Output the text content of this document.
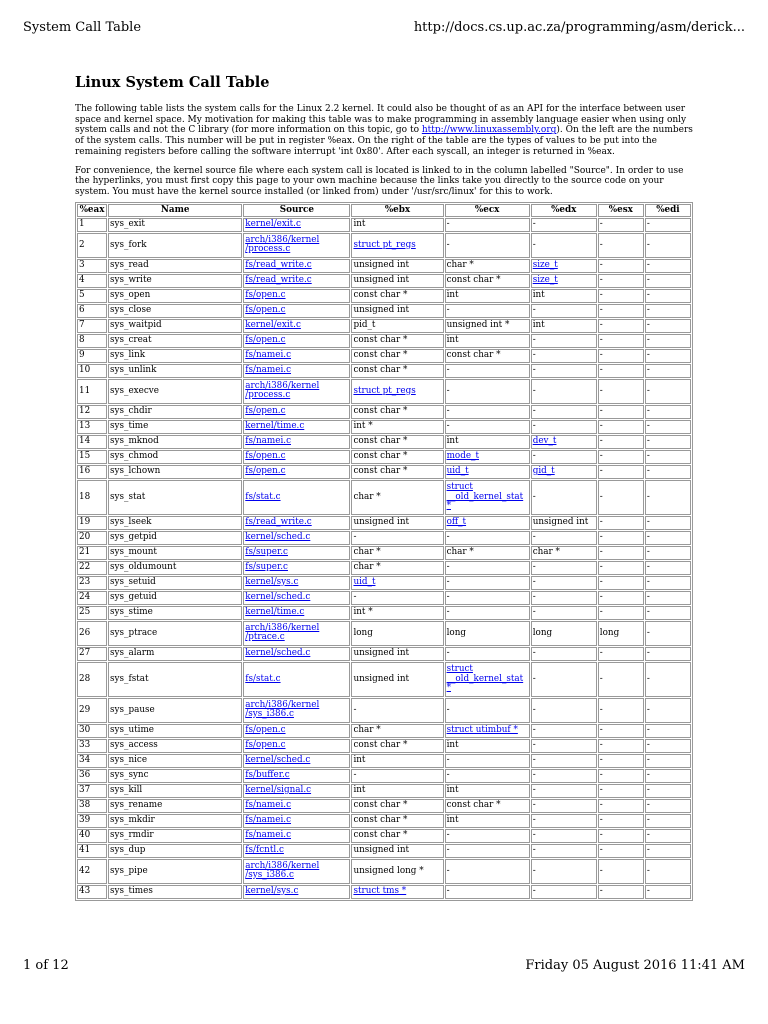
System Call Table	http://docs.cs.up.ac.za/programming/asm/derick...
Linux System Call Table

The following table lists the system calls for the Linux 2.2 kernel. It could also be thought of as an API for the interface between user space and kernel space. My motivation for making this table was to make programming in assembly language easier when using only system calls and not the C library (for more information on this topic, go to http://www.linuxassembly.org). On the left are the numbers of the system calls. This number will be put in register %eax. On the right of the table are the types of values to be put into the remaining registers before calling the software interrupt 'int 0x80'. After each syscall, an integer is returned in %eax.

For convenience, the kernel source file where each system call is located is linked to in the column labelled "Source". In order to use the hyperlinks, you must first copy this page to your own machine because the links take you directly to the source code on your system. You must have the kernel source installed (or linked from) under '/usr/src/linux' for this to work.

%eax	Name	Source	%ebx	%ecx	%edx	%esx	%edi
1	sys_exit	kernel/exit.c	int	-	-	-	-
2	sys_fork	arch/i386/kernel
/process.c	struct pt_regs	-	-	-	-
3	sys_read	fs/read_write.c	unsigned int	char *	size_t	-	-
4	sys_write	fs/read_write.c	unsigned int	const char *	size_t	-	-
5	sys_open	fs/open.c	const char *	int	int	-	-
6	sys_close	fs/open.c	unsigned int	-	-	-	-
7	sys_waitpid	kernel/exit.c	pid_t	unsigned int *	int	-	-
8	sys_creat	fs/open.c	const char *	int	-	-	-
9	sys_link	fs/namei.c	const char *	const char *	-	-	-
10	sys_unlink	fs/namei.c	const char *	-	-	-	-
11	sys_execve	arch/i386/kernel
/process.c	struct pt_regs	-	-	-	-
12	sys_chdir	fs/open.c	const char *	-	-	-	-
13	sys_time	kernel/time.c	int *	-	-	-	-
14	sys_mknod	fs/namei.c	const char *	int	dev_t	-	-
15	sys_chmod	fs/open.c	const char *	mode_t	-	-	-
16	sys_lchown	fs/open.c	const char *	uid_t	gid_t	-	-
18	sys_stat	fs/stat.c	char *	struct
__old_kernel_stat
*	-	-	-
19	sys_lseek	fs/read_write.c	unsigned int	off_t	unsigned int	-	-
20	sys_getpid	kernel/sched.c	-	-	-	-	-
21	sys_mount	fs/super.c	char *	char *	char *	-	-
22	sys_oldumount	fs/super.c	char *	-	-	-	-
23	sys_setuid	kernel/sys.c	uid_t	-	-	-	-
24	sys_getuid	kernel/sched.c	-	-	-	-	-
25	sys_stime	kernel/time.c	int *	-	-	-	-
26	sys_ptrace	arch/i386/kernel
/ptrace.c	long	long	long	long	-
27	sys_alarm	kernel/sched.c	unsigned int	-	-	-	-
28	sys_fstat	fs/stat.c	unsigned int	struct
__old_kernel_stat
*	-	-	-
29	sys_pause	arch/i386/kernel
/sys_i386.c	-	-	-	-	-
30	sys_utime	fs/open.c	char *	struct utimbuf *	-	-	-
33	sys_access	fs/open.c	const char *	int	-	-	-
34	sys_nice	kernel/sched.c	int	-	-	-	-
36	sys_sync	fs/buffer.c	-	-	-	-	-
37	sys_kill	kernel/signal.c	int	int	-	-	-
38	sys_rename	fs/namei.c	const char *	const char *	-	-	-
39	sys_mkdir	fs/namei.c	const char *	int	-	-	-
40	sys_rmdir	fs/namei.c	const char *	-	-	-	-
41	sys_dup	fs/fcntl.c	unsigned int	-	-	-	-
42	sys_pipe	arch/i386/kernel
/sys_i386.c	unsigned long *	-	-	-	-
43	sys_times	kernel/sys.c	struct tms *	-	-	-	-
1 of 12	Friday 05 August 2016 11:41 AM
